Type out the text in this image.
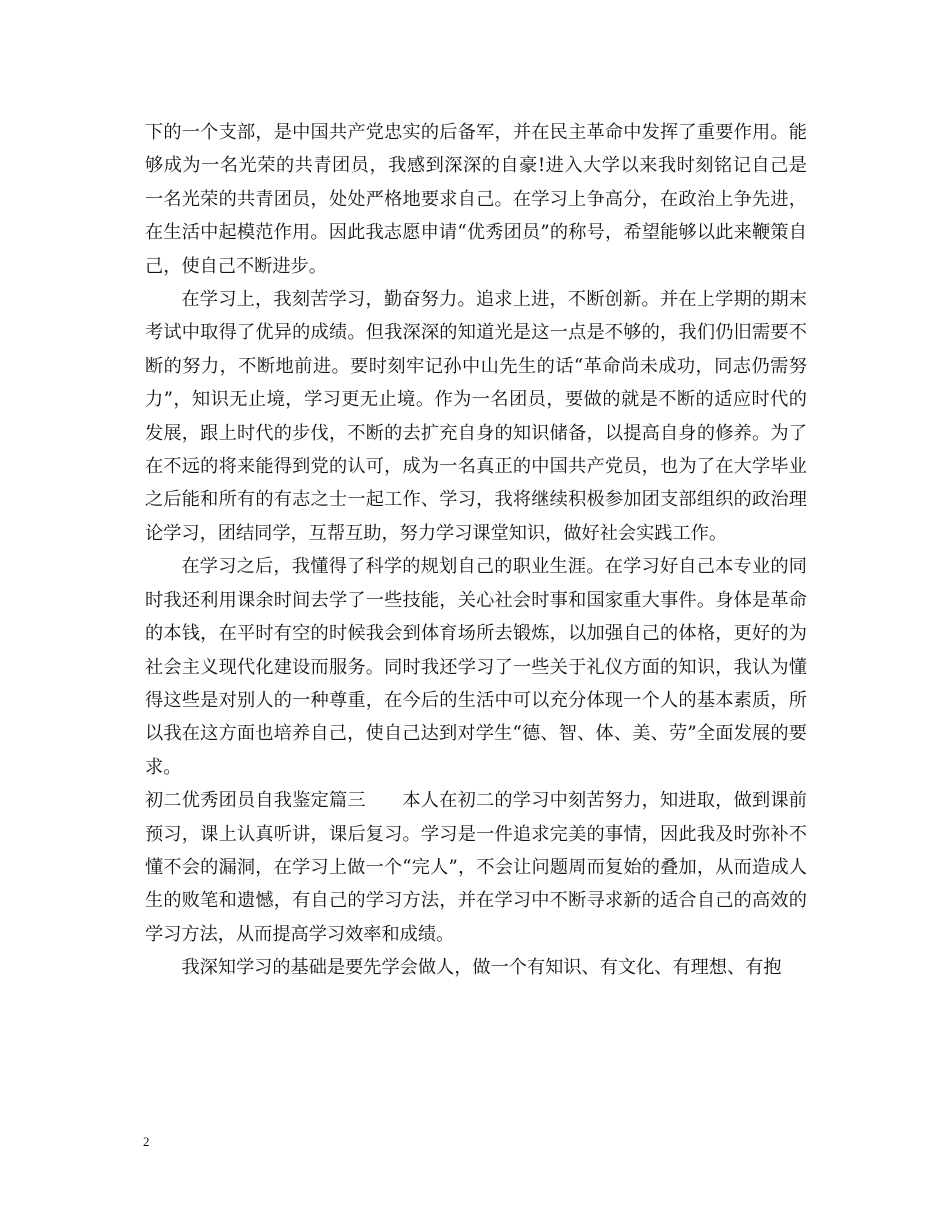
下的一个支部，是中国共产党忠实的后备军，并在民主革命中发挥了重要作用。能够成为一名光荣的共青团员，我感到深深的自豪!进入大学以来我时刻铭记自己是一名光荣的共青团员，处处严格地要求自己。在学习上争高分，在政治上争先进，在生活中起模范作用。因此我志愿申请“优秀团员”的称号，希望能够以此来鞭策自己，使自己不断进步。

在学习上，我刻苦学习，勤奋努力。追求上进，不断创新。并在上学期的期末考试中取得了优异的成绩。但我深深的知道光是这一点是不够的，我们仍旧需要不断的努力，不断地前进。要时刻牢记孙中山先生的话“革命尚未成功，同志仍需努力”，知识无止境，学习更无止境。作为一名团员，要做的就是不断的适应时代的发展，跟上时代的步伐，不断的去扩充自身的知识储备，以提高自身的修养。为了在不远的将来能得到党的认可，成为一名真正的中国共产党员，也为了在大学毕业之后能和所有的有志之士一起工作、学习，我将继续积极参加团支部组织的政治理论学习，团结同学，互帮互助，努力学习课堂知识，做好社会实践工作。

在学习之后，我懂得了科学的规划自己的职业生涯。在学习好自己本专业的同时我还利用课余时间去学了一些技能，关心社会时事和国家重大事件。身体是革命的本钱，在平时有空的时候我会到体育场所去锻炼，以加强自己的体格，更好的为社会主义现代化建设而服务。同时我还学习了一些关于礼仪方面的知识，我认为懂得这些是对别人的一种尊重，在今后的生活中可以充分体现一个人的基本素质，所以我在这方面也培养自己，使自己达到对学生“德、智、体、美、劳”全面发展的要求。

初二优秀团员自我鉴定篇三   本人在初二的学习中刻苦努力，知进取，做到课前预习，课上认真听讲，课后复习。学习是一件追求完美的事情，因此我及时弥补不懂不会的漏洞，在学习上做一个“完人”，不会让问题周而复始的叠加，从而造成人生的败笔和遗憾，有自己的学习方法，并在学习中不断寻求新的适合自己的高效的学习方法，从而提高学习效率和成绩。

我深知学习的基础是要先学会做人，做一个有知识、有文化、有理想、有抱

2
